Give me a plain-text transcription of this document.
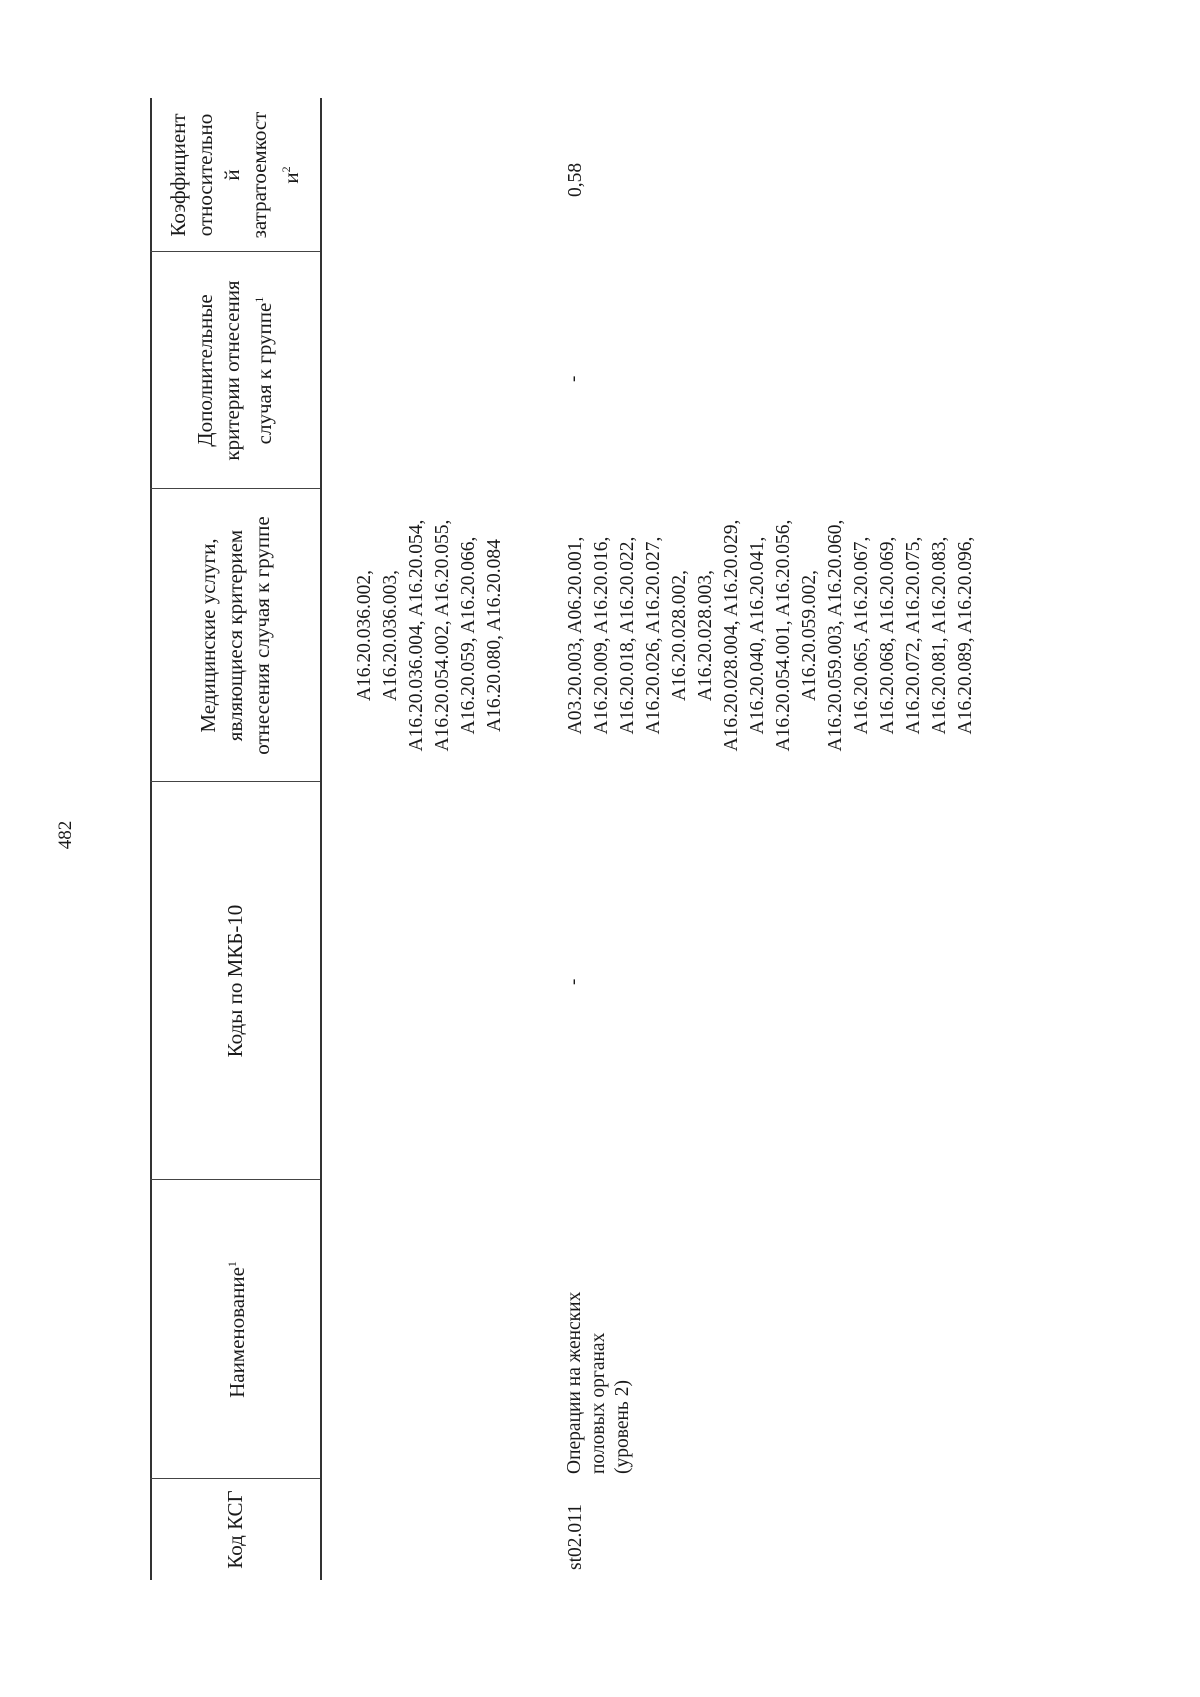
482
Код КСГ
Наименование$^1$
Коды по МКБ-10
Медицинские услуги, являющиеся критерием отнесения случая к группе
Дополнительные критерии отнесения случая к группе$^1$
Коэффициент относительно й затратоемкост $и^2$
A16.20.036.002, A16.20.036.003, A16.20.036.004, A16.20.054, A16.20.054.002, A16.20.055, A16.20.059, A16.20.066, A16.20.080, A16.20.084
st02.011
Операции на женских половых органах (уровень 2)
-
A03.20.003, A06.20.001, A16.20.009, A16.20.016, A16.20.018, A16.20.022, A16.20.026, A16.20.027, A16.20.028.002, A16.20.028.003, A16.20.028.004, A16.20.029, A16.20.040, A16.20.041, A16.20.054.001, A16.20.056, A16.20.059.002, A16.20.059.003, A16.20.060, A16.20.065, A16.20.067, A16.20.068, A16.20.069, A16.20.072, A16.20.075, A16.20.081, A16.20.083, A16.20.089, A16.20.096,
-
0,58
